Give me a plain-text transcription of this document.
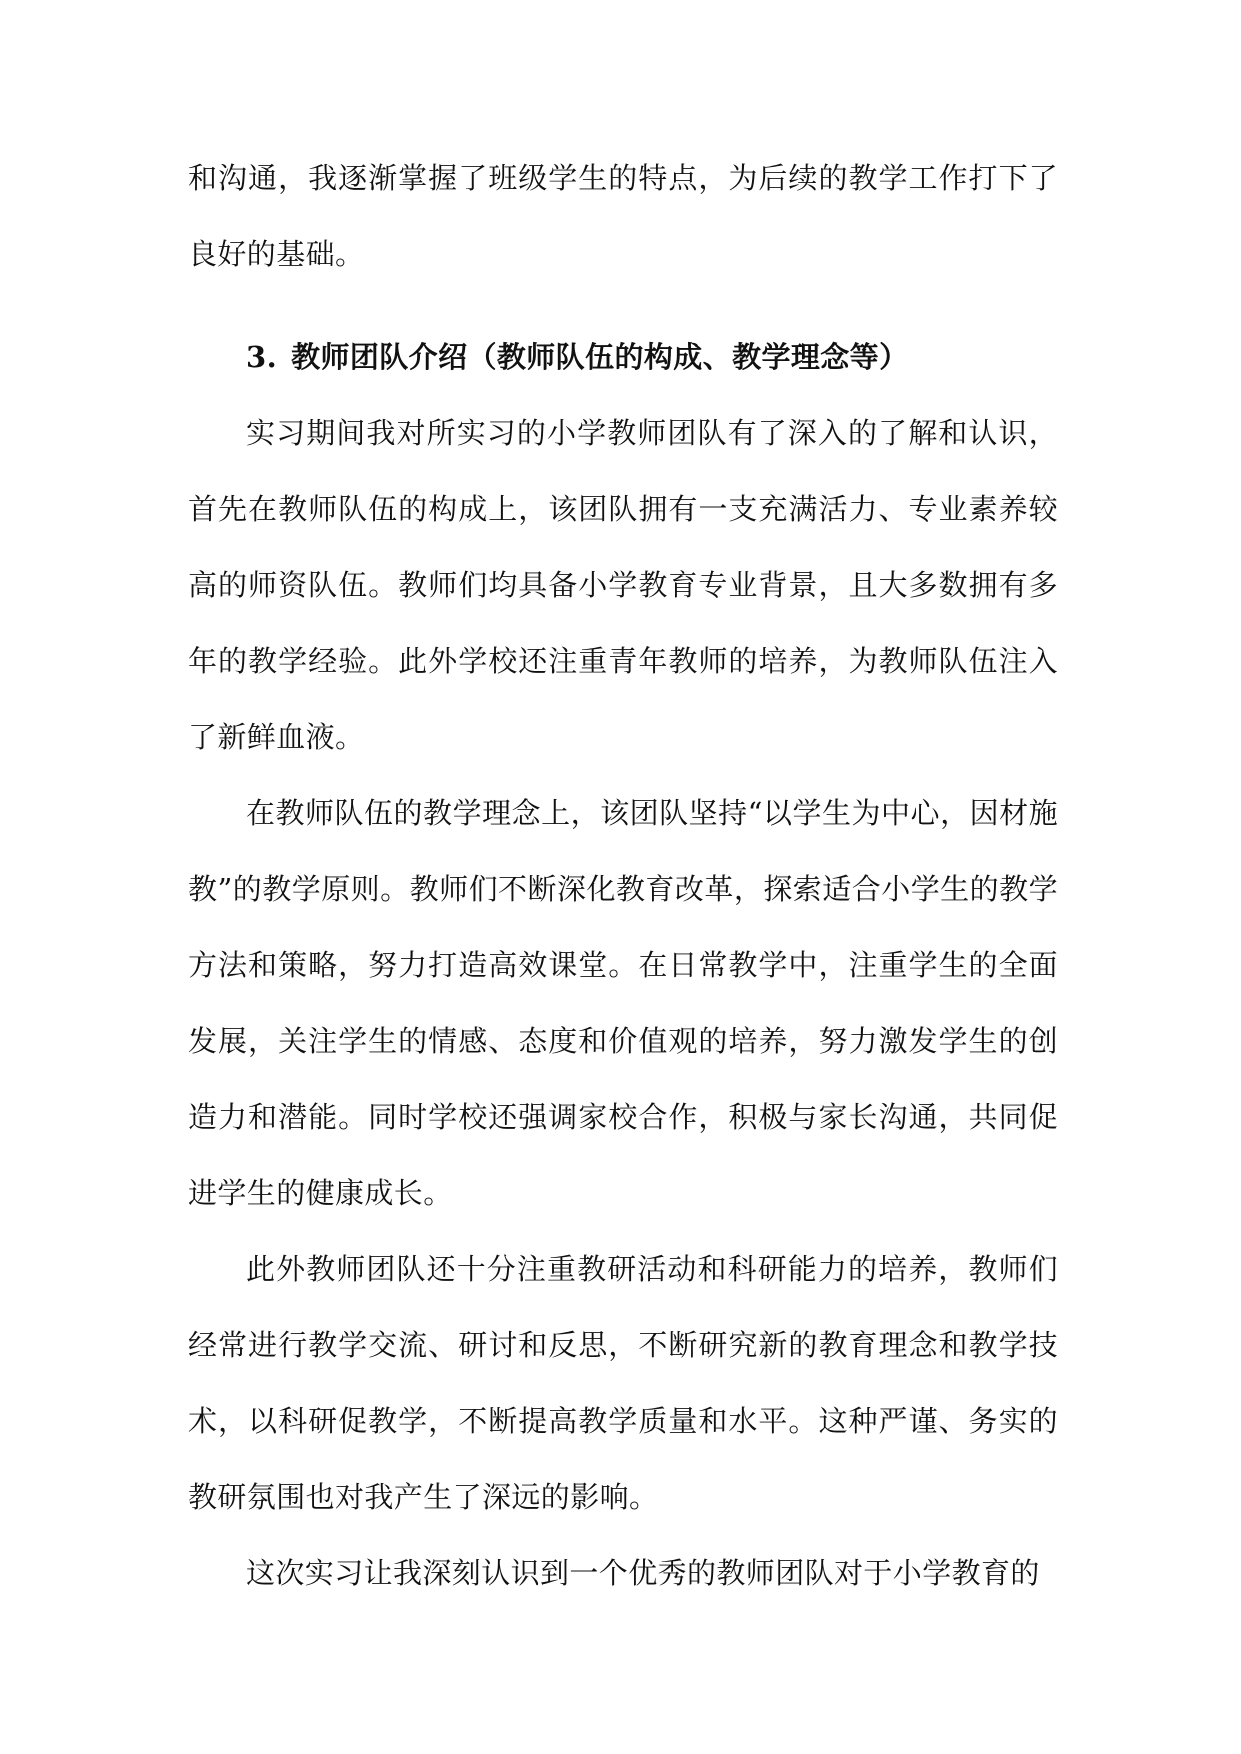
和沟通，我逐渐掌握了班级学生的特点，为后续的教学工作打下了良好的基础。

3. 教师团队介绍（教师队伍的构成、教学理念等）

实习期间我对所实习的小学教师团队有了深入的了解和认识，首先在教师队伍的构成上，该团队拥有一支充满活力、专业素养较高的师资队伍。教师们均具备小学教育专业背景，且大多数拥有多年的教学经验。此外学校还注重青年教师的培养，为教师队伍注入了新鲜血液。

在教师队伍的教学理念上，该团队坚持“以学生为中心，因材施教”的教学原则。教师们不断深化教育改革，探索适合小学生的教学方法和策略，努力打造高效课堂。在日常教学中，注重学生的全面发展，关注学生的情感、态度和价值观的培养，努力激发学生的创造力和潜能。同时学校还强调家校合作，积极与家长沟通，共同促进学生的健康成长。

此外教师团队还十分注重教研活动和科研能力的培养，教师们经常进行教学交流、研讨和反思，不断研究新的教育理念和教学技术，以科研促教学，不断提高教学质量和水平。这种严谨、务实的教研氛围也对我产生了深远的影响。

这次实习让我深刻认识到一个优秀的教师团队对于小学教育的
